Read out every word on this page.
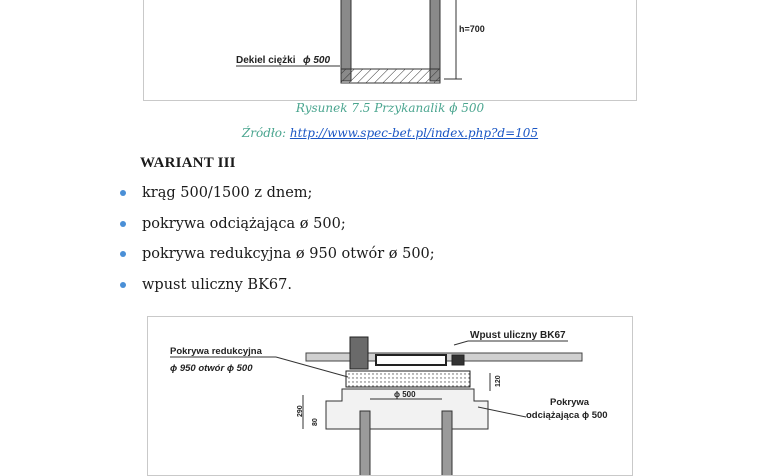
Dekiel ciężki ϕ 500
h=700
Rysunek 7.5 Przykanalik ϕ 500
Źródło: http://www.spec-bet.pl/index.php?d=105
WARIANT III
krąg 500/1500 z dnem;
pokrywa odciążająca ø 500;
pokrywa redukcyjna ø 950 otwór ø 500;
wpust uliczny BK67.
ϕ 500
120
290
80
Wpust uliczny BK67
Pokrywa redukcyjna
ϕ 950 otwór ϕ 500
Pokrywa
odciążająca ϕ 500
